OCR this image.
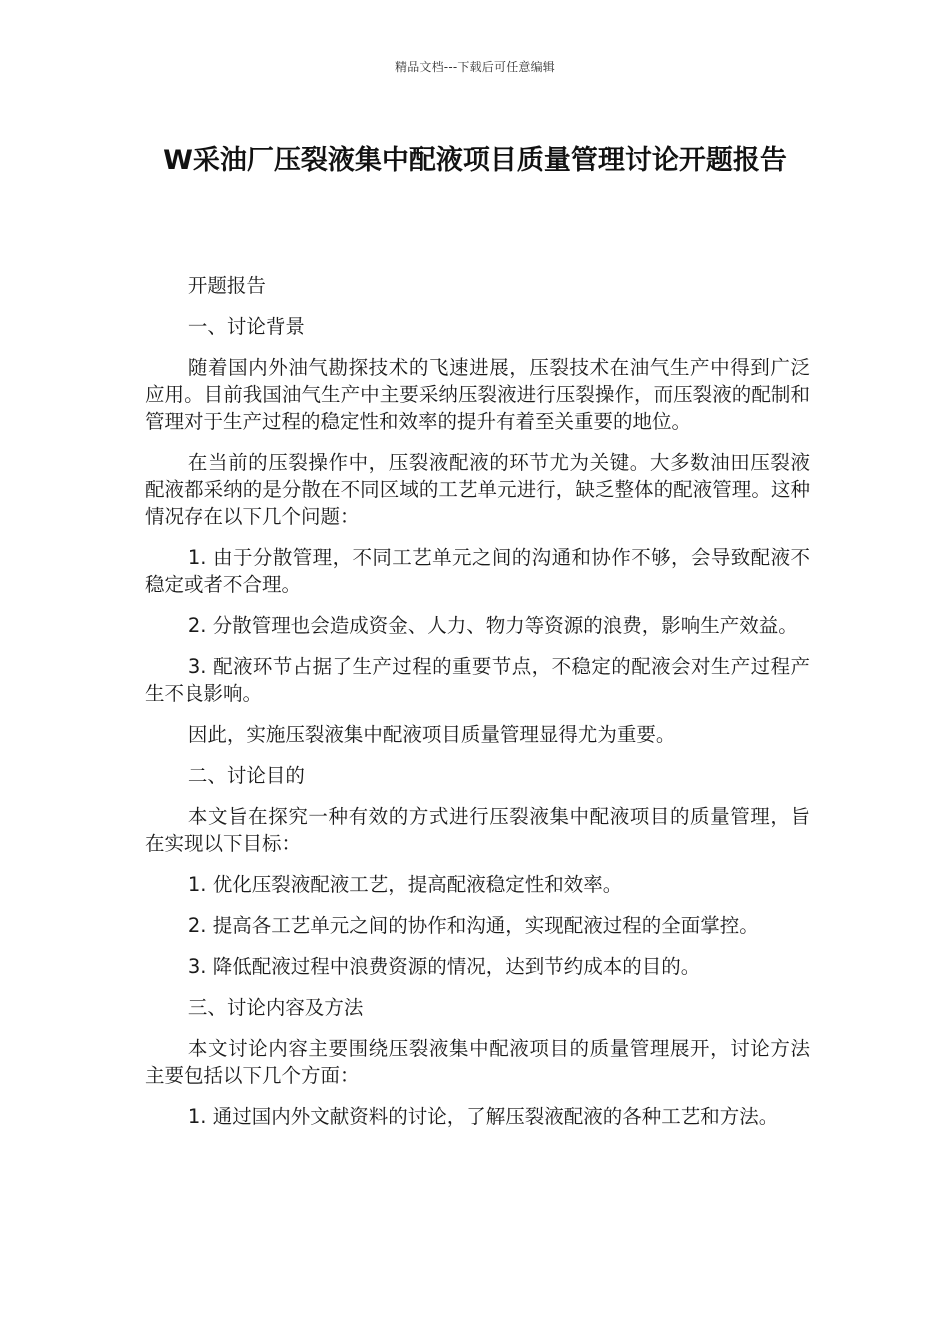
精品文档---下载后可任意编辑
W采油厂压裂液集中配液项目质量管理讨论开题报告

开题报告

一、讨论背景

随着国内外油气勘探技术的飞速进展，压裂技术在油气生产中得到广泛应用。目前我国油气生产中主要采纳压裂液进行压裂操作，而压裂液的配制和管理对于生产过程的稳定性和效率的提升有着至关重要的地位。

在当前的压裂操作中，压裂液配液的环节尤为关键。大多数油田压裂液配液都采纳的是分散在不同区域的工艺单元进行，缺乏整体的配液管理。这种情况存在以下几个问题：

1. 由于分散管理，不同工艺单元之间的沟通和协作不够，会导致配液不稳定或者不合理。

2. 分散管理也会造成资金、人力、物力等资源的浪费，影响生产效益。

3. 配液环节占据了生产过程的重要节点，不稳定的配液会对生产过程产生不良影响。

因此，实施压裂液集中配液项目质量管理显得尤为重要。

二、讨论目的

本文旨在探究一种有效的方式进行压裂液集中配液项目的质量管理，旨在实现以下目标：

1. 优化压裂液配液工艺，提高配液稳定性和效率。

2. 提高各工艺单元之间的协作和沟通，实现配液过程的全面掌控。

3. 降低配液过程中浪费资源的情况，达到节约成本的目的。

三、讨论内容及方法

本文讨论内容主要围绕压裂液集中配液项目的质量管理展开，讨论方法主要包括以下几个方面：

1. 通过国内外文献资料的讨论，了解压裂液配液的各种工艺和方法。
